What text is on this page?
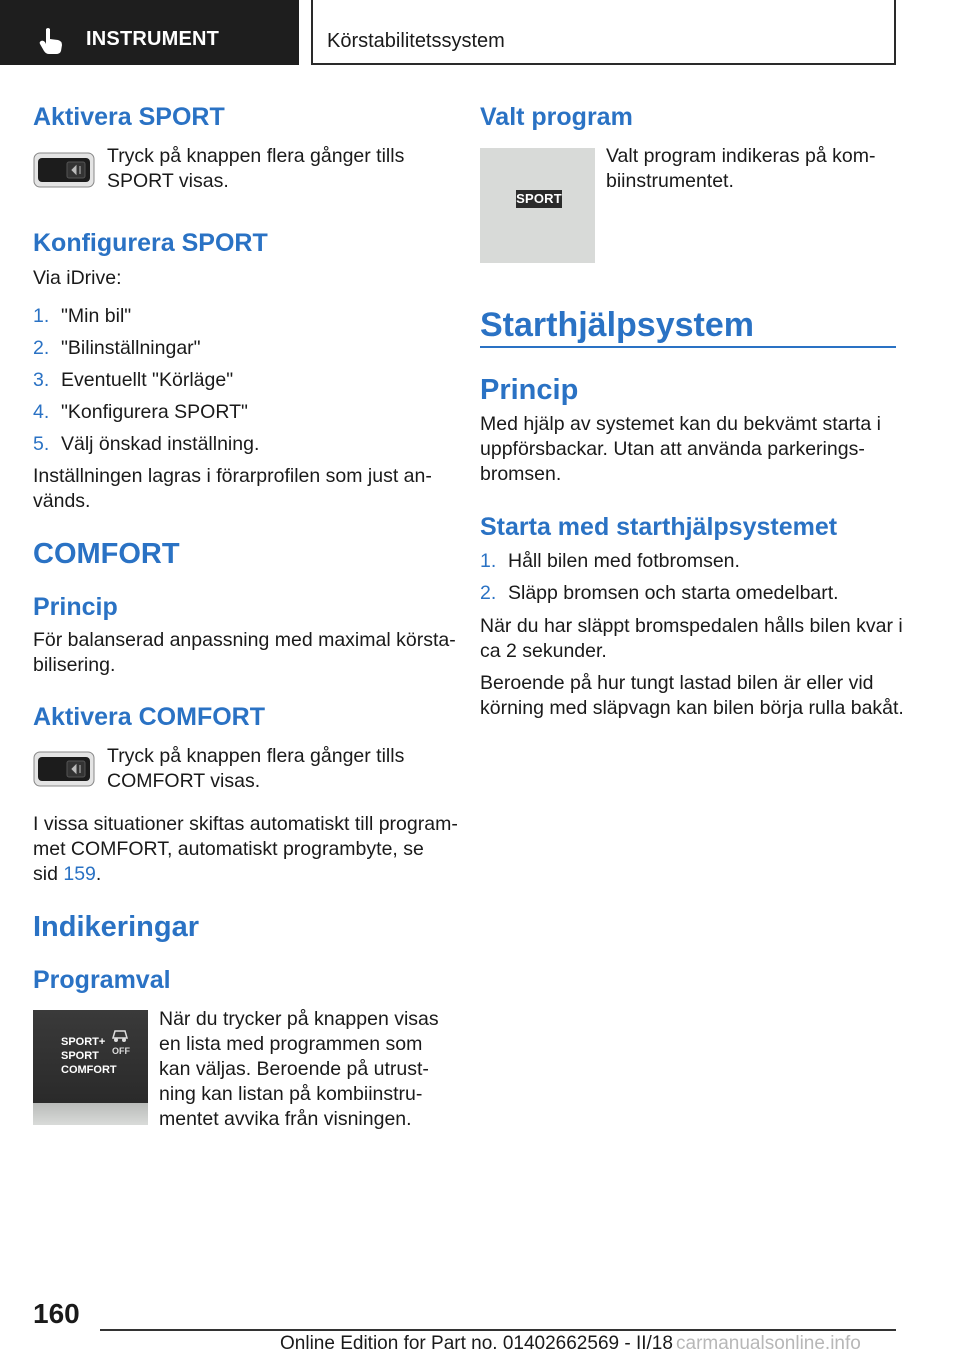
INSTRUMENT	Körstabilitetssystem
Aktivera SPORT
Tryck på knappen flera gånger tills
SPORT visas.
Konfigurera SPORT
Via iDrive:
1. "Min bil"
2. "Bilinställningar"
3. Eventuellt "Körläge"
4. "Konfigurera SPORT"
5. Välj önskad inställning.
Inställningen lagras i förarprofilen som just an-
vänds.
COMFORT
Princip
För balanserad anpassning med maximal körsta-
bilisering.
Aktivera COMFORT
Tryck på knappen flera gånger tills
COMFORT visas.
I vissa situationer skiftas automatiskt till program-
met COMFORT, automatiskt programbyte, se
sid 159.
Indikeringar
Programval
SPORT+
SPORT
COMFORT
OFF
När du trycker på knappen visas
en lista med programmen som
kan väljas. Beroende på utrust-
ning kan listan på kombiinstru-
mentet avvika från visningen.
Valt program
SPORT
Valt program indikeras på kom-
biinstrumentet.
Starthjälpsystem
Princip
Med hjälp av systemet kan du bekvämt starta i
uppförsbackar. Utan att använda parkerings-
bromsen.
Starta med starthjälpsystemet
1. Håll bilen med fotbromsen.
2. Släpp bromsen och starta omedelbart.
När du har släppt bromspedalen hålls bilen kvar i
ca 2 sekunder.
Beroende på hur tungt lastad bilen är eller vid
körning med släpvagn kan bilen börja rulla bakåt.
160
Online Edition for Part no. 01402662569 - II/18 carmanualsonline.info
